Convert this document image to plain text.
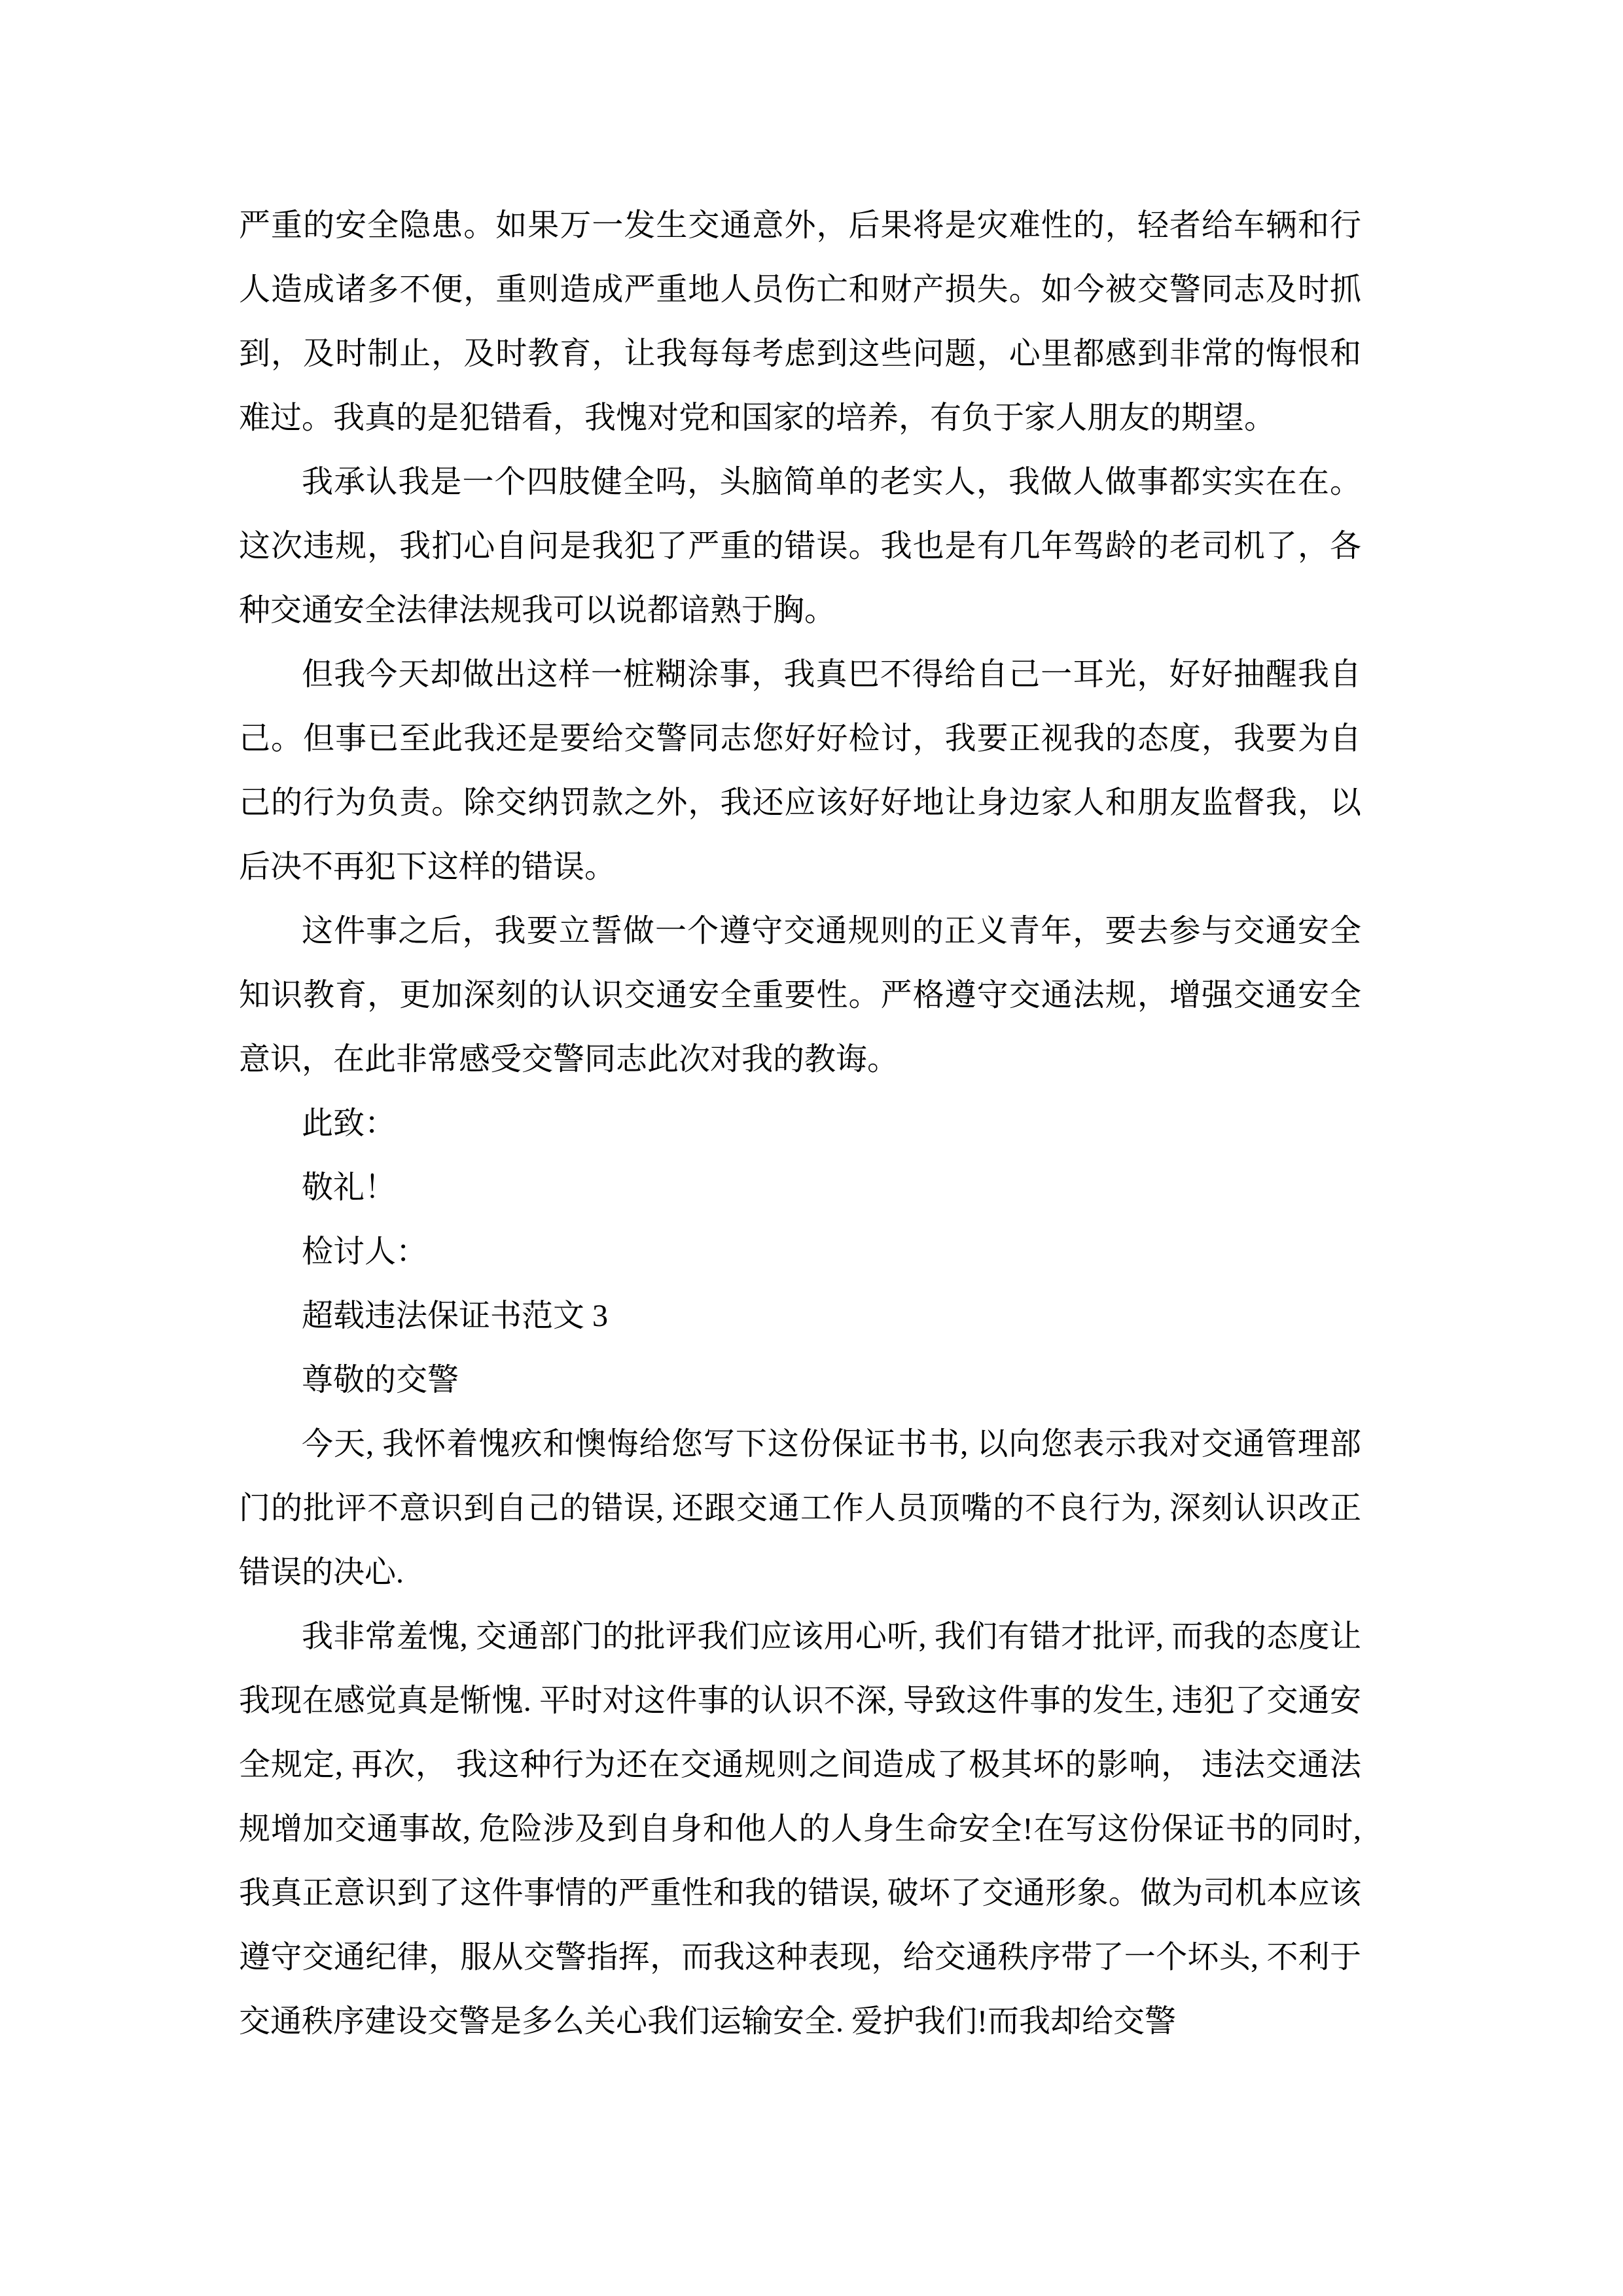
严重的安全隐患。如果万一发生交通意外，后果将是灾难性的，轻者给车辆和行人造成诸多不便，重则造成严重地人员伤亡和财产损失。如今被交警同志及时抓到，及时制止，及时教育，让我每每考虑到这些问题，心里都感到非常的悔恨和难过。我真的是犯错看，我愧对党和国家的培养，有负于家人朋友的期望。

我承认我是一个四肢健全吗，头脑简单的老实人，我做人做事都实实在在。这次违规，我扪心自问是我犯了严重的错误。我也是有几年驾龄的老司机了，各种交通安全法律法规我可以说都谙熟于胸。

但我今天却做出这样一桩糊涂事，我真巴不得给自己一耳光，好好抽醒我自己。但事已至此我还是要给交警同志您好好检讨，我要正视我的态度，我要为自己的行为负责。除交纳罚款之外，我还应该好好地让身边家人和朋友监督我，以后决不再犯下这样的错误。

这件事之后，我要立誓做一个遵守交通规则的正义青年，要去参与交通安全知识教育，更加深刻的认识交通安全重要性。严格遵守交通法规，增强交通安全意识，在此非常感受交警同志此次对我的教诲。

此致：

敬礼！

检讨人：

超载违法保证书范文 3

尊敬的交警

今天, 我怀着愧疚和懊悔给您写下这份保证书书, 以向您表示我对交通管理部门的批评不意识到自己的错误, 还跟交通工作人员顶嘴的不良行为, 深刻认识改正错误的决心.

我非常羞愧, 交通部门的批评我们应该用心听, 我们有错才批评, 而我的态度让我现在感觉真是惭愧. 平时对这件事的认识不深, 导致这件事的发生, 违犯了交通安全规定, 再次， 我这种行为还在交通规则之间造成了极其坏的影响， 违法交通法规增加交通事故, 危险涉及到自身和他人的人身生命安全!在写这份保证书的同时, 我真正意识到了这件事情的严重性和我的错误, 破坏了交通形象。做为司机本应该遵守交通纪律，服从交警指挥，而我这种表现，给交通秩序带了一个坏头, 不利于交通秩序建设交警是多么关心我们运输安全. 爱护我们!而我却给交警
